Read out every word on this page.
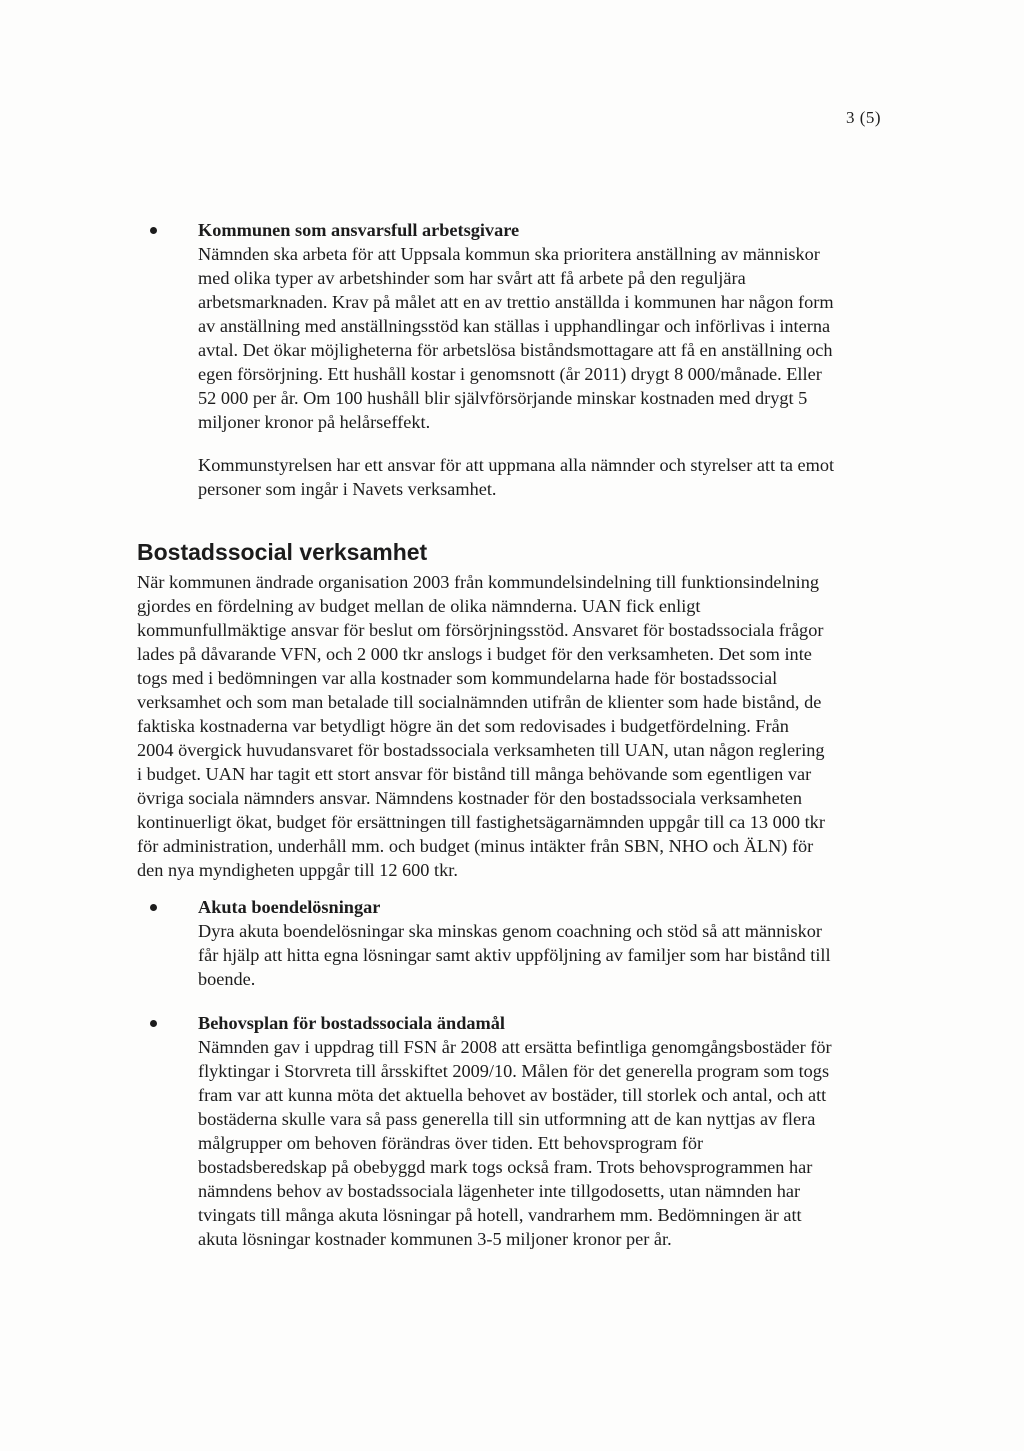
3 (5)
Kommunen som ansvarsfull arbetsgivare
Nämnden ska arbeta för att Uppsala kommun ska prioritera anställning av människor
med olika typer av arbetshinder som har svårt att få arbete på den reguljära
arbetsmarknaden. Krav på målet att en av trettio anställda i kommunen har någon form
av anställning med anställningsstöd kan ställas i upphandlingar och införlivas i interna
avtal. Det ökar möjligheterna för arbetslösa biståndsmottagare att få en anställning och
egen försörjning. Ett hushåll kostar i genomsnott (år 2011) drygt 8 000/månade. Eller
52 000 per år. Om 100 hushåll blir självförsörjande minskar kostnaden med drygt 5
miljoner kronor på helårseffekt.
Kommunstyrelsen har ett ansvar för att uppmana alla nämnder och styrelser att ta emot
personer som ingår i Navets verksamhet.
Bostadssocial verksamhet
När kommunen ändrade organisation 2003 från kommundelsindelning till funktionsindelning
gjordes en fördelning av budget mellan de olika nämnderna. UAN fick enligt
kommunfullmäktige ansvar för beslut om försörjningsstöd. Ansvaret för bostadssociala frågor
lades på dåvarande VFN, och 2 000 tkr anslogs i budget för den verksamheten. Det som inte
togs med i bedömningen var alla kostnader som kommundelarna hade för bostadssocial
verksamhet och som man betalade till socialnämnden utifrån de klienter som hade bistånd, de
faktiska kostnaderna var betydligt högre än det som redovisades i budgetfördelning. Från
2004 övergick huvudansvaret för bostadssociala verksamheten till UAN, utan någon reglering
i budget. UAN har tagit ett stort ansvar för bistånd till många behövande som egentligen var
övriga sociala nämnders ansvar. Nämndens kostnader för den bostadssociala verksamheten
kontinuerligt ökat, budget för ersättningen till fastighetsägarnämnden uppgår till ca 13 000 tkr
för administration, underhåll mm. och budget (minus intäkter från SBN, NHO och ÄLN) för
den nya myndigheten uppgår till 12 600 tkr.
Akuta boendelösningar
Dyra akuta boendelösningar ska minskas genom coachning och stöd så att människor
får hjälp att hitta egna lösningar samt aktiv uppföljning av familjer som har bistånd till
boende.
Behovsplan för bostadssociala ändamål
Nämnden gav i uppdrag till FSN år 2008 att ersätta befintliga genomgångsbostäder för
flyktingar i Storvreta till årsskiftet 2009/10. Målen för det generella program som togs
fram var att kunna möta det aktuella behovet av bostäder, till storlek och antal, och att
bostäderna skulle vara så pass generella till sin utformning att de kan nyttjas av flera
målgrupper om behoven förändras över tiden. Ett behovsprogram för
bostadsberedskap på obebyggd mark togs också fram. Trots behovsprogrammen har
nämndens behov av bostadssociala lägenheter inte tillgodosetts, utan nämnden har
tvingats till många akuta lösningar på hotell, vandrarhem mm. Bedömningen är att
akuta lösningar kostnader kommunen 3-5 miljoner kronor per år.
